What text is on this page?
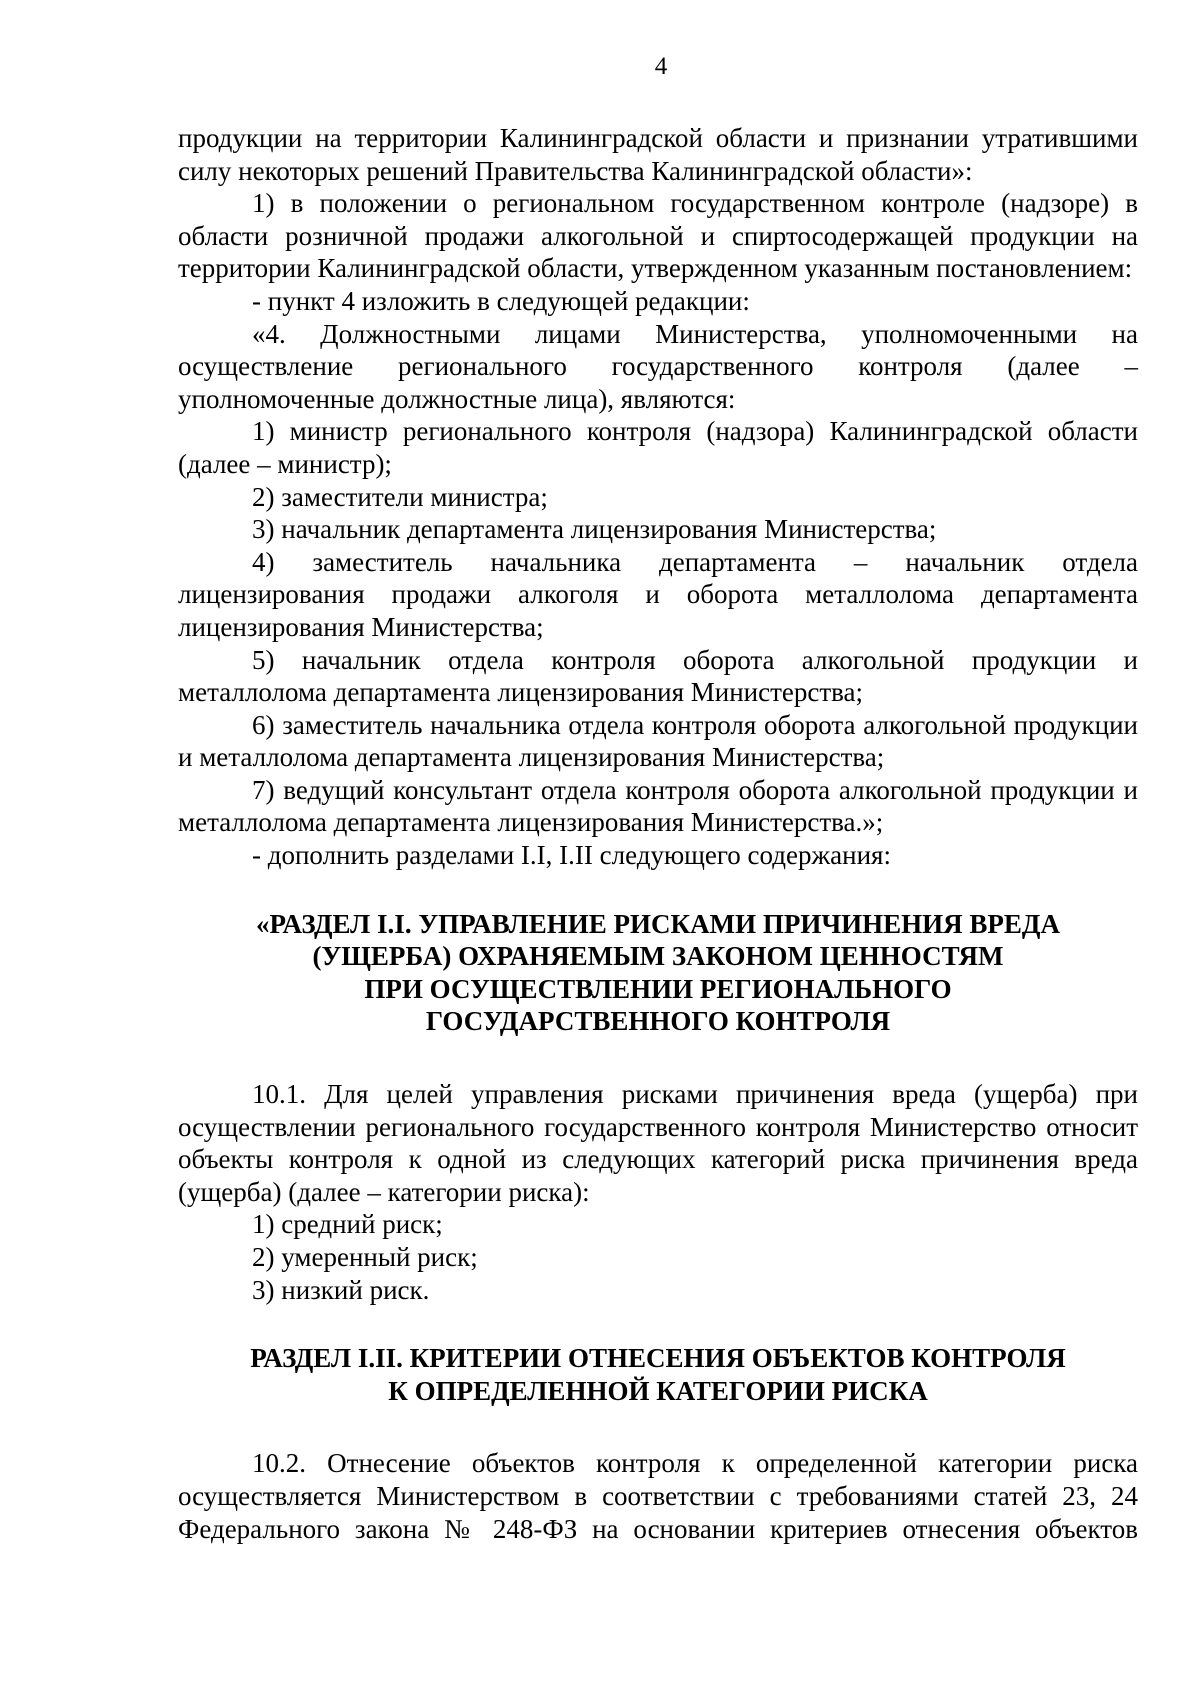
4

продукции на территории Калининградской области и признании утратившими силу некоторых решений Правительства Калининградской области»:

1) в положении о региональном государственном контроле (надзоре) в области розничной продажи алкогольной и спиртосодержащей продукции на территории Калининградской области, утвержденном указанным постановлением:

- пункт 4 изложить в следующей редакции:

«4. Должностными лицами Министерства, уполномоченными на осуществление регионального государственного контроля (далее – уполномоченные должностные лица), являются:

1) министр регионального контроля (надзора) Калининградской области (далее – министр);

2) заместители министра;

3) начальник департамента лицензирования Министерства;

4) заместитель начальника департамента – начальник отдела лицензирования продажи алкоголя и оборота металлолома департамента лицензирования Министерства;

5) начальник отдела контроля оборота алкогольной продукции и металлолома департамента лицензирования Министерства;

6) заместитель начальника отдела контроля оборота алкогольной продукции и металлолома департамента лицензирования Министерства;

7) ведущий консультант отдела контроля оборота алкогольной продукции и металлолома департамента лицензирования Министерства.»;

- дополнить разделами I.I, I.II следующего содержания:

«РАЗДЕЛ I.I. УПРАВЛЕНИЕ РИСКАМИ ПРИЧИНЕНИЯ ВРЕДА
(УЩЕРБА) ОХРАНЯЕМЫМ ЗАКОНОМ ЦЕННОСТЯМ
ПРИ ОСУЩЕСТВЛЕНИИ РЕГИОНАЛЬНОГО
ГОСУДАРСТВЕННОГО КОНТРОЛЯ

10.1. Для целей управления рисками причинения вреда (ущерба) при осуществлении регионального государственного контроля Министерство относит объекты контроля к одной из следующих категорий риска причинения вреда (ущерба) (далее – категории риска):

1) средний риск;

2) умеренный риск;

3) низкий риск.

РАЗДЕЛ I.II. КРИТЕРИИ ОТНЕСЕНИЯ ОБЪЕКТОВ КОНТРОЛЯ
К ОПРЕДЕЛЕННОЙ КАТЕГОРИИ РИСКА

10.2. Отнесение объектов контроля к определенной категории риска осуществляется Министерством в соответствии с требованиями статей 23, 24 Федерального закона № 248-ФЗ на основании критериев отнесения объектов
